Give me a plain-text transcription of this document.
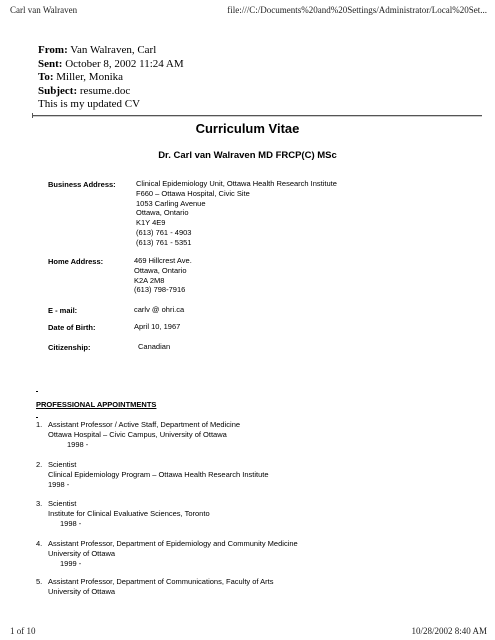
Carl van Walraven	file:///C:/Documents%20and%20Settings/Administrator/Local%20Set...
From: Van Walraven, Carl
Sent: October 8, 2002 11:24 AM
To: Miller, Monika
Subject: resume.doc
This is my updated CV
Curriculum Vitae
Dr. Carl van Walraven MD FRCP(C) MSc
Business Address:	Clinical Epidemiology Unit, Ottawa Health Research Institute
F660 – Ottawa Hospital, Civic Site
1053 Carling Avenue
Ottawa, Ontario
K1Y 4E9
(613) 761 - 4903
(613) 761 - 5351
Home Address:	469 Hillcrest Ave.
Ottawa, Ontario
K2A 2M8
(613) 798-7916
E - mail:	carlv @ ohri.ca
Date of Birth:	April 10, 1967
Citizenship:	Canadian
PROFESSIONAL APPOINTMENTS
1. Assistant Professor / Active Staff, Department of Medicine
Ottawa Hospital – Civic Campus, University of Ottawa
1998 -
2. Scientist
Clinical Epidemiology Program – Ottawa Health Research Institute
1998 -
3. Scientist
Institute for Clinical Evaluative Sciences, Toronto
1998 -
4. Assistant Professor, Department of Epidemiology and Community Medicine
University of Ottawa
1999 -
5. Assistant Professor, Department of Communications, Faculty of Arts
University of Ottawa
1 of 10	10/28/2002 8:40 AM
